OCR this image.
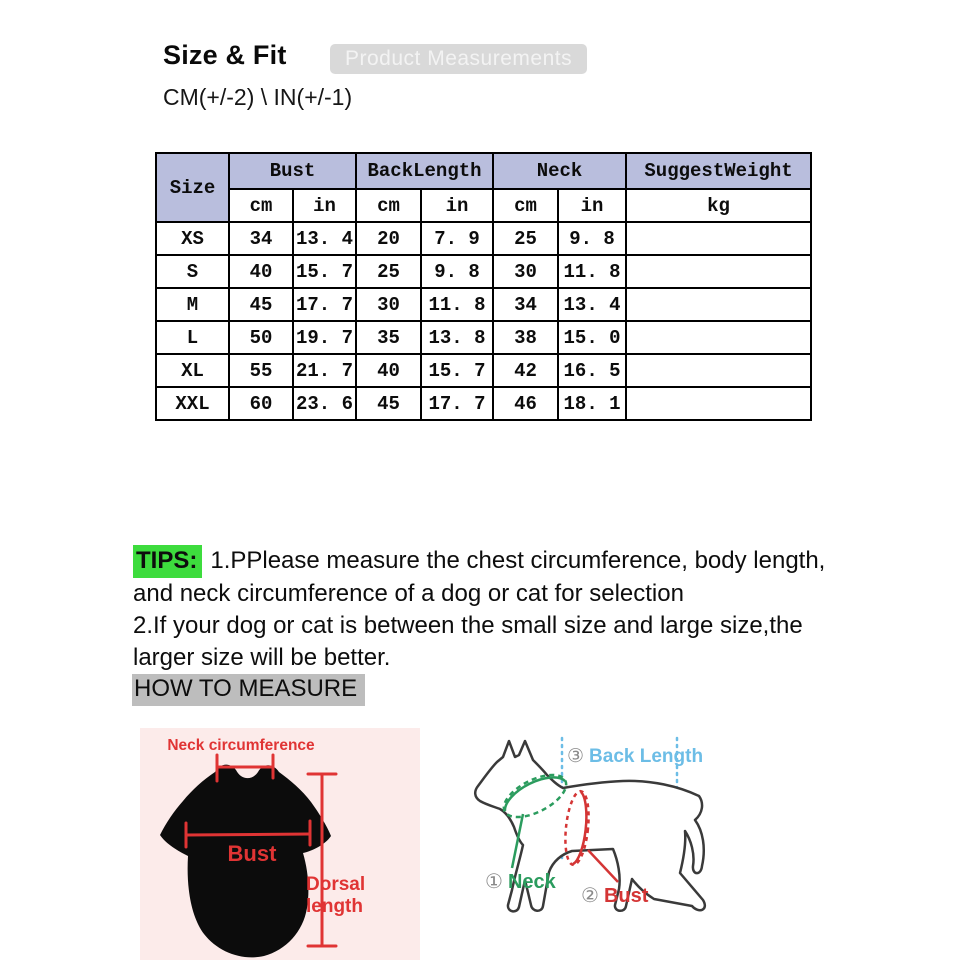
Size & Fit	Product Measurements
CM(+/-2) \ IN(+/-1)
Size	Bust		BackLength		Neck		SuggestWeight
	cm	in	cm	in	cm	in	kg
XS	34	13. 4	20	7. 9	25	9. 8	
S	40	15. 7	25	9. 8	30	11. 8	
M	45	17. 7	30	11. 8	34	13. 4	
L	50	19. 7	35	13. 8	38	15. 0	
XL	55	21. 7	40	15. 7	42	16. 5	
XXL	60	23. 6	45	17. 7	46	18. 1	
TIPS: 1.PPlease measure the chest circumference, body length, and neck circumference of a dog or cat for selection
2.If your dog or cat is between the small size and large size,the larger size will be better.
HOW TO MEASURE
Neck circumference
Bust
Dorsal length
③ Back Length
① Neck
② Bust
